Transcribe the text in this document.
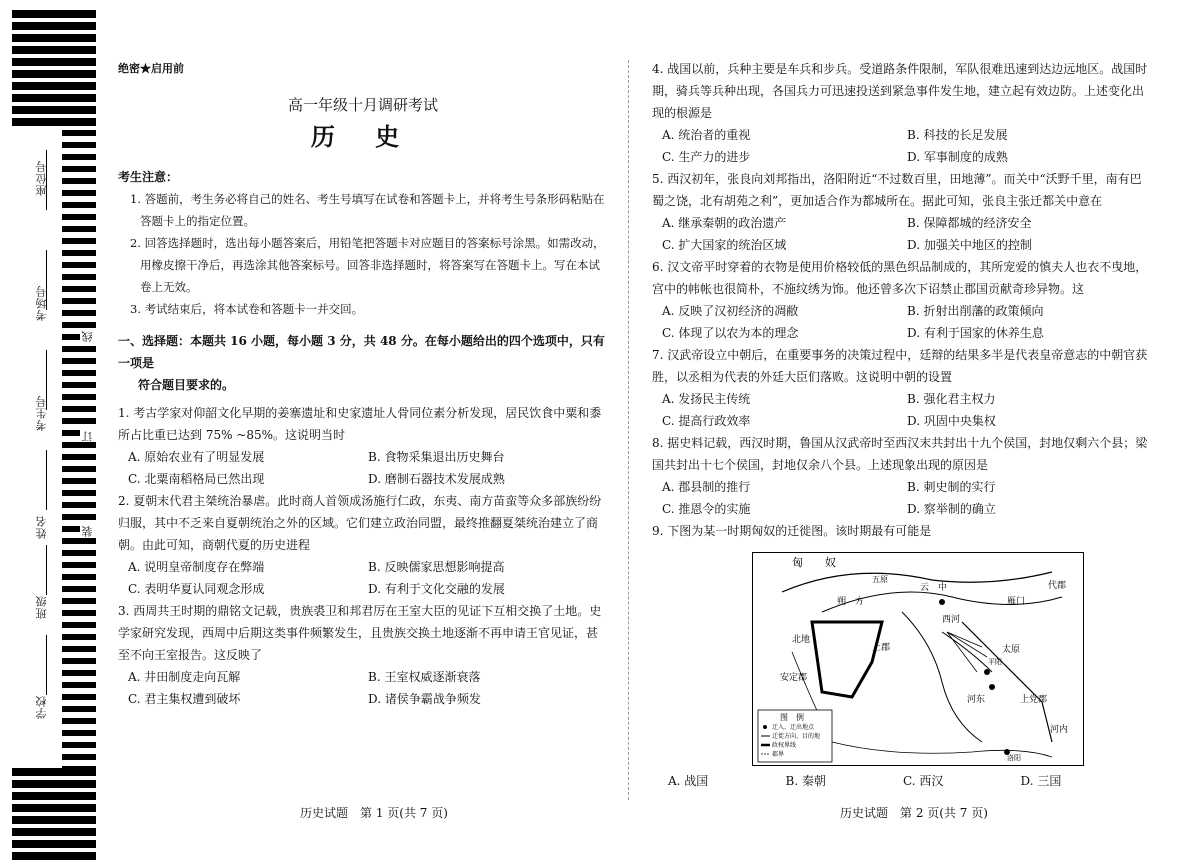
座位号
考场号
考生号
姓名
班级
学校
线
订
装
绝密★启用前
高一年级十月调研考试
历 史
考生注意：
1. 答题前，考生务必将自己的姓名、考生号填写在试卷和答题卡上，并将考生号条形码粘贴在答题卡上的指定位置。
2. 回答选择题时，选出每小题答案后，用铅笔把答题卡对应题目的答案标号涂黑。如需改动，用橡皮擦干净后，再选涂其他答案标号。回答非选择题时，将答案写在答题卡上。写在本试卷上无效。
3. 考试结束后，将本试卷和答题卡一并交回。
一、选择题：本题共 16 小题，每小题 3 分，共 48 分。在每小题给出的四个选项中，只有一项是
符合题目要求的。
1. 考古学家对仰韶文化早期的姜寨遗址和史家遗址人骨同位素分析发现，居民饮食中粟和黍所占比重已达到 75% ~85%。这说明当时
A. 原始农业有了明显发展	B. 食物采集退出历史舞台
C. 北粟南稻格局已然出现	D. 磨制石器技术发展成熟
2. 夏朝末代君主桀统治暴虐。此时商人首领成汤施行仁政，东夷、南方苗蛮等众多部族纷纷归服，其中不乏来自夏朝统治之外的区域。它们建立政治同盟，最终推翻夏桀统治建立了商朝。由此可知，商朝代夏的历史进程
A. 说明皇帝制度存在弊端	B. 反映儒家思想影响提高
C. 表明华夏认同观念形成	D. 有利于文化交融的发展
3. 西周共王时期的鼎铭文记载，贵族裘卫和邦君厉在王室大臣的见证下互相交换了土地。史学家研究发现，西周中后期这类事件频繁发生，且贵族交换土地逐渐不再申请王官见证，甚至不向王室报告。这反映了
A. 井田制度走向瓦解	B. 王室权威逐渐衰落
C. 君主集权遭到破坏	D. 诸侯争霸战争频发
历史试题　第 1 页(共 7 页)
4. 战国以前，兵种主要是车兵和步兵。受道路条件限制，军队很难迅速到达边远地区。战国时期，骑兵等兵种出现，各国兵力可迅速投送到紧急事件发生地，建立起有效边防。上述变化出现的根源是
A. 统治者的重视	B. 科技的长足发展
C. 生产力的进步	D. 军事制度的成熟
5. 西汉初年，张良向刘邦指出，洛阳附近“不过数百里，田地薄”。而关中“沃野千里，南有巴蜀之饶，北有胡苑之利”，更加适合作为都城所在。据此可知，张良主张迁都关中意在
A. 继承秦朝的政治遗产	B. 保障都城的经济安全
C. 扩大国家的统治区域	D. 加强关中地区的控制
6. 汉文帝平时穿着的衣物是使用价格较低的黑色织品制成的，其所宠爱的慎夫人也衣不曳地，宫中的帏帐也很简朴，不施纹绣为饰。他还曾多次下诏禁止郡国贡献奇珍异物。这
A. 反映了汉初经济的凋敝	B. 折射出削藩的政策倾向
C. 体现了以农为本的理念	D. 有利于国家的休养生息
7. 汉武帝设立中朝后，在重要事务的决策过程中，廷辩的结果多半是代表皇帝意志的中朝官获胜，以丞相为代表的外廷大臣们落败。这说明中朝的设置
A. 发扬民主传统	B. 强化君主权力
C. 提高行政效率	D. 巩固中央集权
8. 据史料记载，西汉时期，鲁国从汉武帝时至西汉末共封出十九个侯国，封地仅剩六个县；梁国共封出十七个侯国，封地仅余八个县。上述现象出现的原因是
A. 郡县制的推行	B. 刺史制的实行
C. 推恩令的实施	D. 察举制的确立
9. 下图为某一时期匈奴的迁徙图。该时期最有可能是
匈　　奴
云　中
朔　方	雁门
代郡
西河
北地
上郡	太原
安定郡
河东	上党郡
河内
五原
平阳
洛阳
图　例
迁入、迁出地点
迁徙方向、目的地
政权界线
郡界
A. 战国	B. 秦朝	C. 西汉	D. 三国
历史试题　第 2 页(共 7 页)
